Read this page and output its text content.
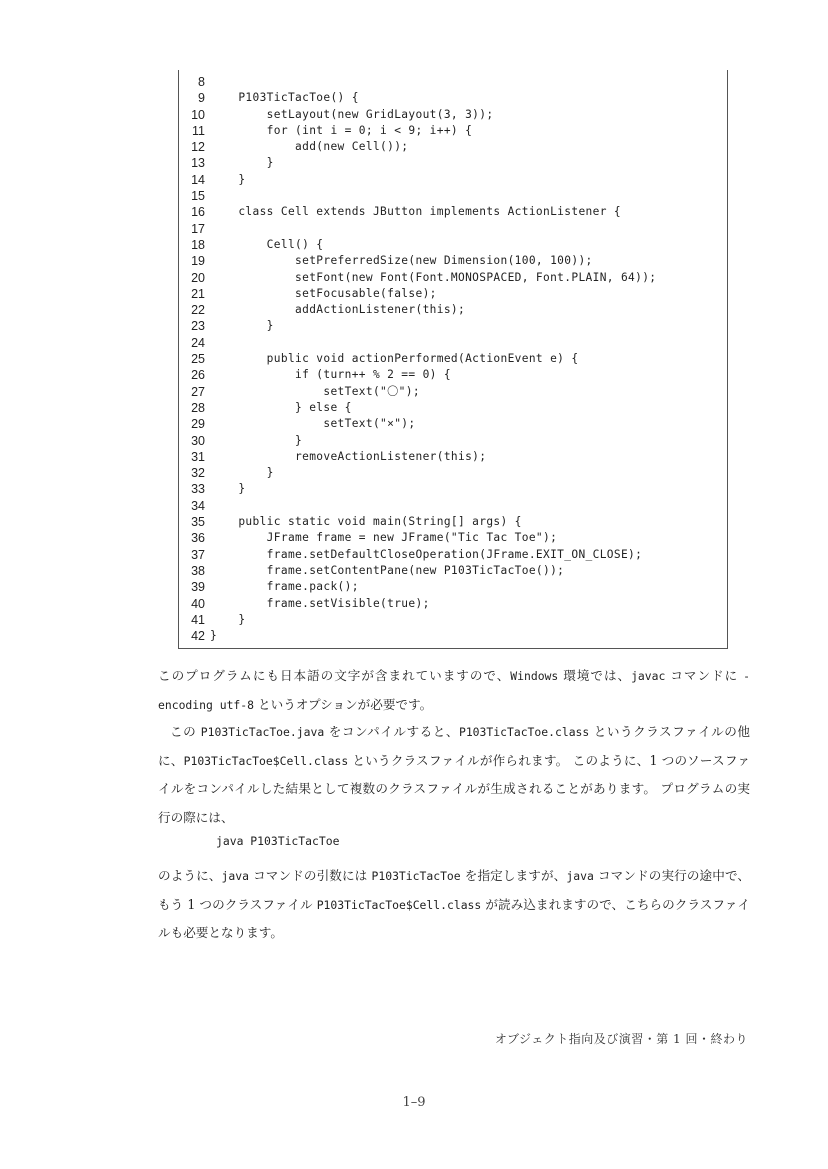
8
9 P103TicTacToe() {
10 setLayout(new GridLayout(3, 3));
11 for (int i = 0; i < 9; i++) {
12 add(new Cell());
13 }
14 }
15
16 class Cell extends JButton implements ActionListener {
17
18 Cell() {
19 setPreferredSize(new Dimension(100, 100));
20 setFont(new Font(Font.MONOSPACED, Font.PLAIN, 64));
21 setFocusable(false);
22 addActionListener(this);
23 }
24
25 public void actionPerformed(ActionEvent e) {
26 if (turn++ % 2 == 0) {
27 setText("〇");
28 } else {
29 setText("×");
30 }
31 removeActionListener(this);
32 }
33 }
34
35 public static void main(String[] args) {
36 JFrame frame = new JFrame("Tic Tac Toe");
37 frame.setDefaultCloseOperation(JFrame.EXIT_ON_CLOSE);
38 frame.setContentPane(new P103TicTacToe());
39 frame.pack();
40 frame.setVisible(true);
41 }
42 }
このプログラムにも日本語の文字が含まれていますので、Windows 環境では、javac コマンドに -encoding utf-8 というオプションが必要です。
この P103TicTacToe.java をコンパイルすると、P103TicTacToe.class というクラスファイルの他に、P103TicTacToe$Cell.class というクラスファイルが作られます。 このように、1 つのソースファイルをコンパイルした結果として複数のクラスファイルが生成されることがあります。 プログラムの実行の際には、
java P103TicTacToe
のように、java コマンドの引数には P103TicTacToe を指定しますが、java コマンドの実行の途中で、もう 1 つのクラスファイル P103TicTacToe$Cell.class が読み込まれますので、こちらのクラスファイルも必要となります。
オブジェクト指向及び演習・第 1 回・終わり
1–9
